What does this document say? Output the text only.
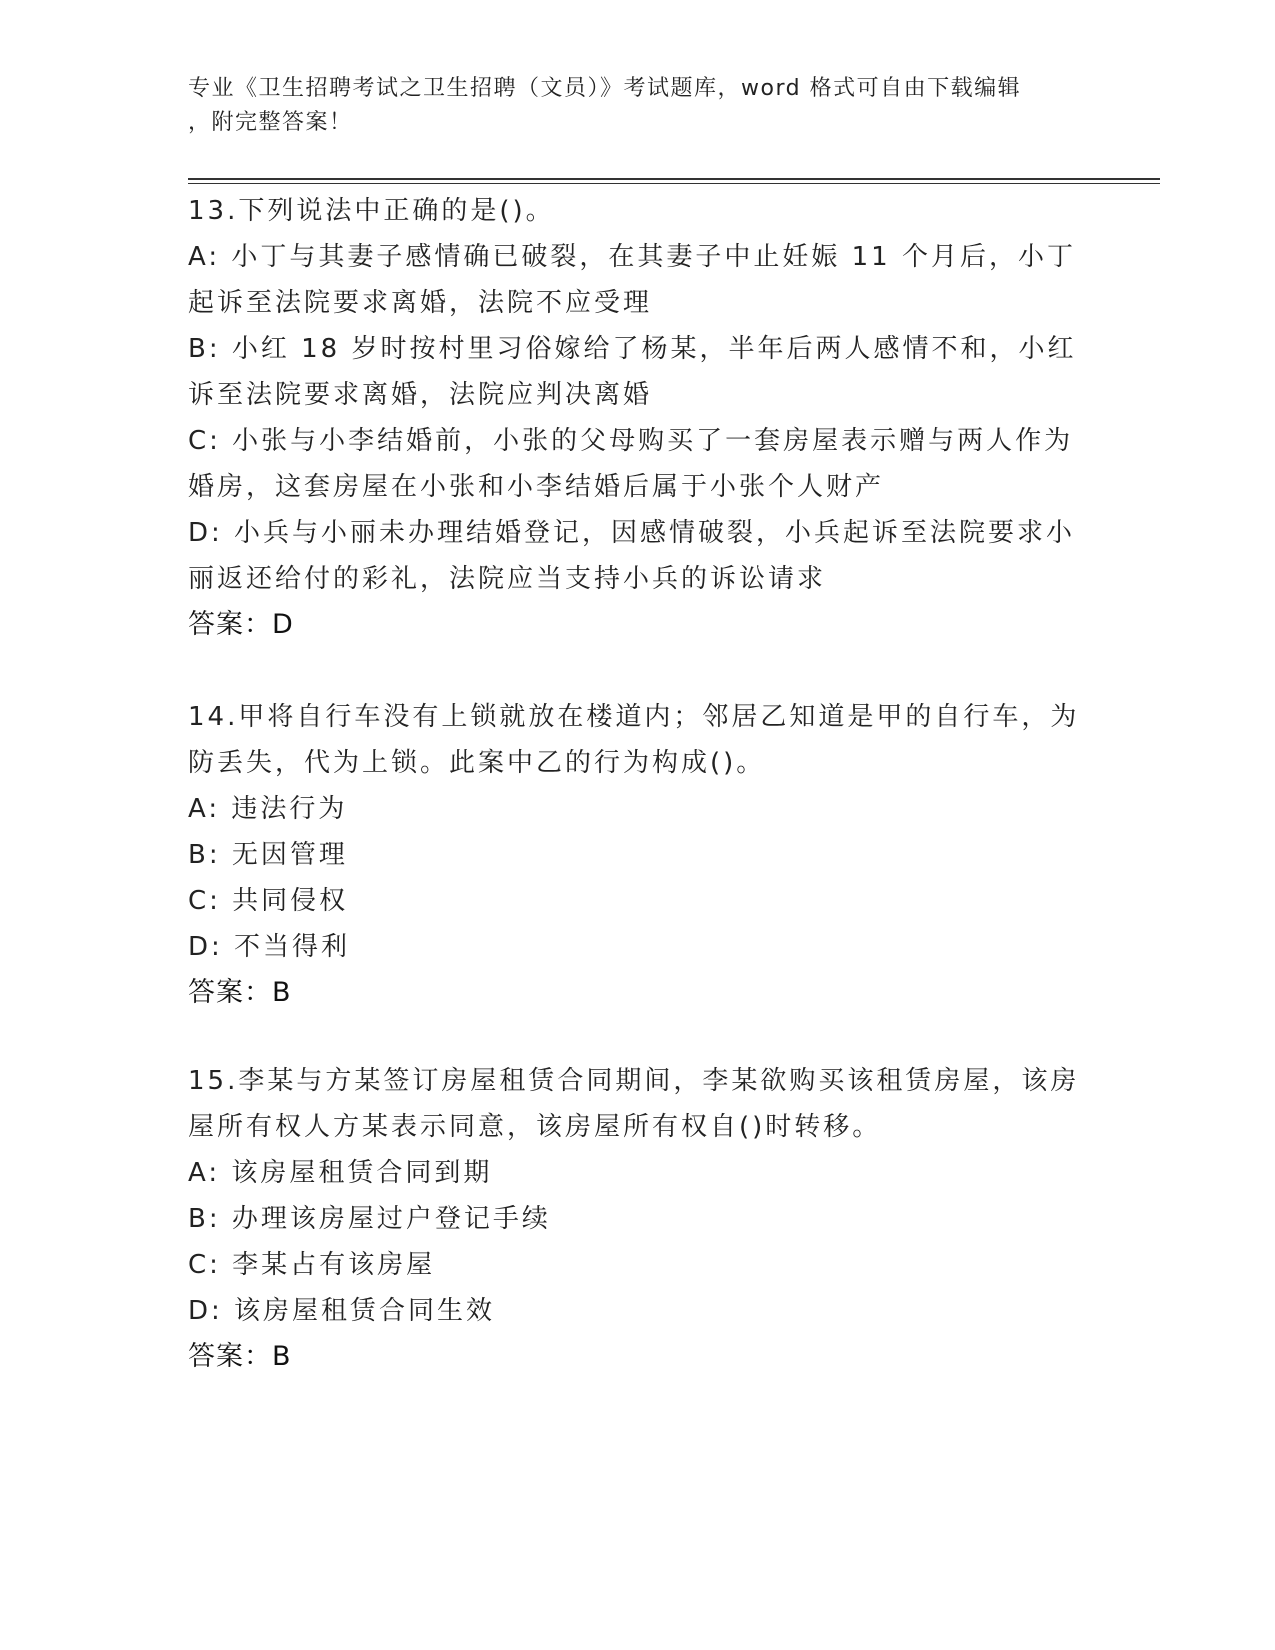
专业《卫生招聘考试之卫生招聘（文员）》考试题库，word 格式可自由下载编辑
，附完整答案！
13.下列说法中正确的是()。
A: 小丁与其妻子感情确已破裂，在其妻子中止妊娠 11 个月后，小丁
起诉至法院要求离婚，法院不应受理
B: 小红 18 岁时按村里习俗嫁给了杨某，半年后两人感情不和，小红
诉至法院要求离婚，法院应判决离婚
C: 小张与小李结婚前，小张的父母购买了一套房屋表示赠与两人作为
婚房，这套房屋在小张和小李结婚后属于小张个人财产
D: 小兵与小丽未办理结婚登记，因感情破裂，小兵起诉至法院要求小
丽返还给付的彩礼，法院应当支持小兵的诉讼请求
答案：D
14.甲将自行车没有上锁就放在楼道内；邻居乙知道是甲的自行车，为
防丢失，代为上锁。此案中乙的行为构成()。
A: 违法行为
B: 无因管理
C: 共同侵权
D: 不当得利
答案：B
15.李某与方某签订房屋租赁合同期间，李某欲购买该租赁房屋，该房
屋所有权人方某表示同意，该房屋所有权自()时转移。
A: 该房屋租赁合同到期
B: 办理该房屋过户登记手续
C: 李某占有该房屋
D: 该房屋租赁合同生效
答案：B
